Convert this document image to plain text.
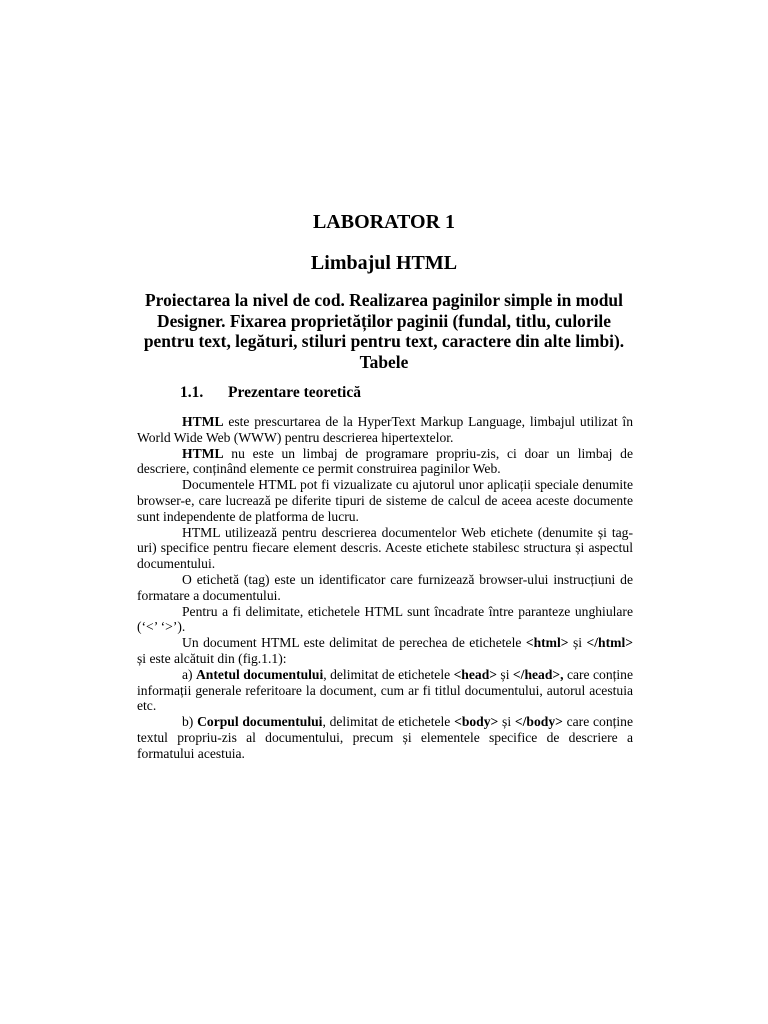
LABORATOR 1
Limbajul HTML
Proiectarea la nivel de cod. Realizarea paginilor simple in modul Designer. Fixarea proprietăților paginii (fundal, titlu, culorile pentru text, legături, stiluri pentru text, caractere din alte limbi). Tabele
1.1. Prezentare teoretică

HTML este prescurtarea de la HyperText Markup Language, limbajul utilizat în World Wide Web (WWW) pentru descrierea hipertextelor.

HTML nu este un limbaj de programare propriu-zis, ci doar un limbaj de descriere, conținând elemente ce permit construirea paginilor Web.

Documentele HTML pot fi vizualizate cu ajutorul unor aplicații speciale denumite browser-e, care lucrează pe diferite tipuri de sisteme de calcul de aceea aceste documente sunt independente de platforma de lucru.

HTML utilizează pentru descrierea documentelor Web etichete (denumite și tag-uri) specifice pentru fiecare element descris. Aceste etichete stabilesc structura și aspectul documentului.

O etichetă (tag) este un identificator care furnizează browser-ului instrucțiuni de formatare a documentului.

Pentru a fi delimitate, etichetele HTML sunt încadrate între paranteze unghiulare (‘<’ ‘>’).

Un document HTML este delimitat de perechea de etichetele <html> și </html> și este alcătuit din (fig.1.1):

a) Antetul documentului, delimitat de etichetele <head> și </head>, care conține informații generale referitoare la document, cum ar fi titlul documentului, autorul acestuia etc.

b) Corpul documentului, delimitat de etichetele <body> și </body> care conține textul propriu-zis al documentului, precum și elementele specifice de descriere a formatului acestuia.
